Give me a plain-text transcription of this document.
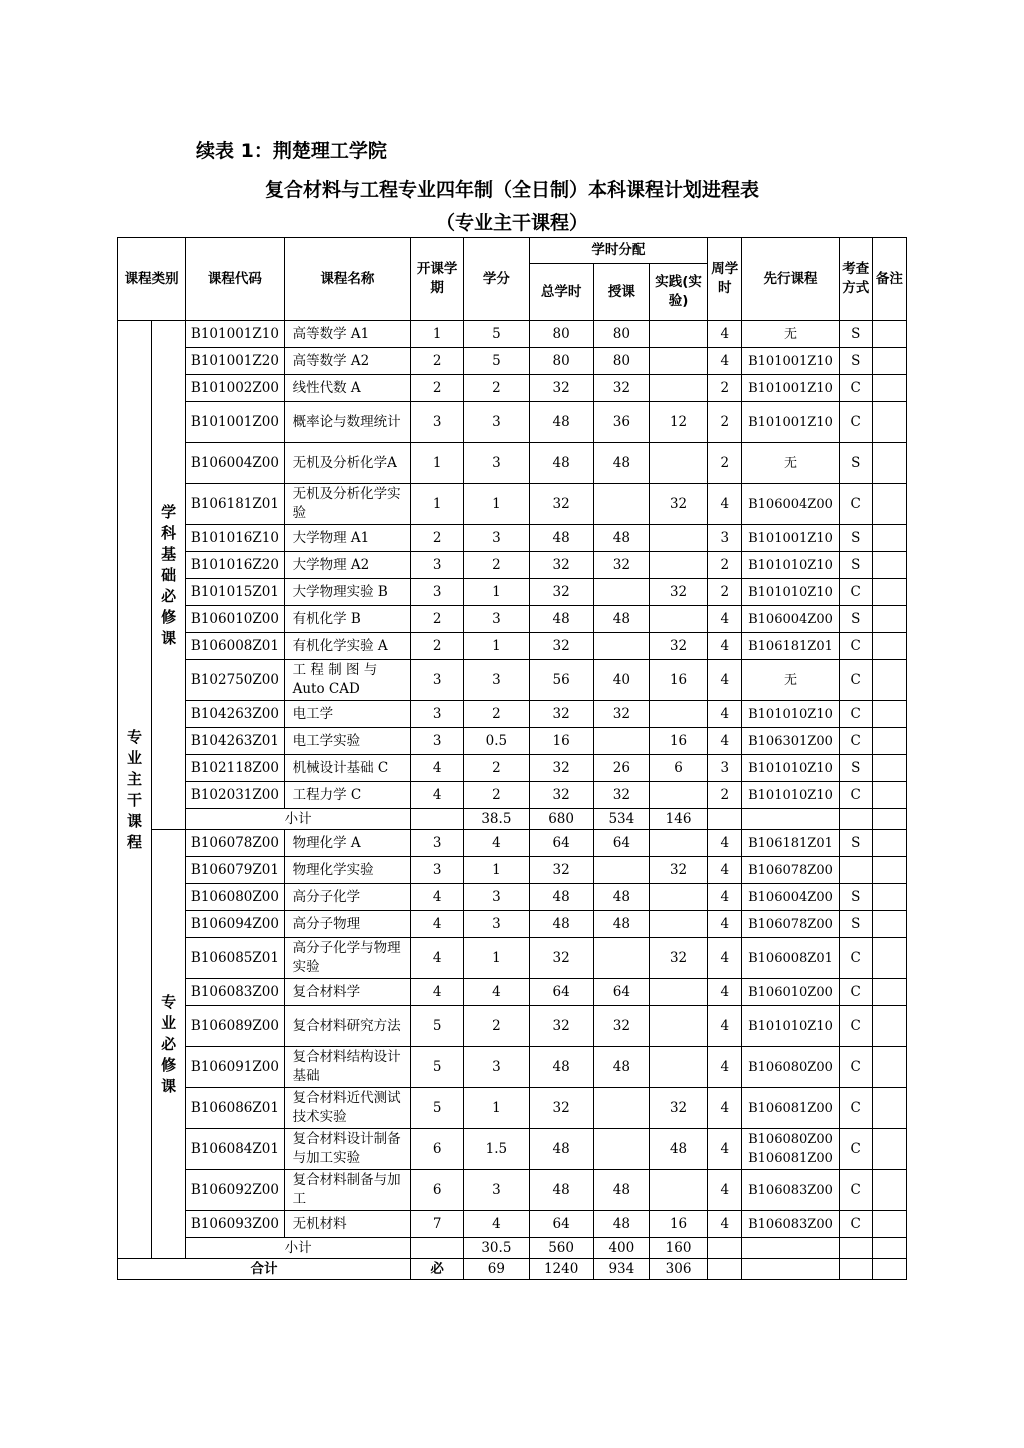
续表 1：荆楚理工学院
复合材料与工程专业四年制（全日制）本科课程计划进程表
（专业主干课程）
课程类别		课程代码	课程名称	开课学期	学分	学时分配			周学时	先行课程	考查方式	备注
						总学时	授课	实践(实验)				
专业主干课程	学科基础必修课	B101001Z10	高等数学 A1	1	5	80	80		4	无	S	
		B101001Z20	高等数学 A2	2	5	80	80		4	B101001Z10	S	
		B101002Z00	线性代数 A	2	2	32	32		2	B101001Z10	C	
		B101001Z00	概率论与数理统计	3	3	48	36	12	2	B101001Z10	C	
		B106004Z00	无机及分析化学A	1	3	48	48		2	无	S	
		B106181Z01	无机及分析化学实验	1	1	32		32	4	B106004Z00	C	
		B101016Z10	大学物理 A1	2	3	48	48		3	B101001Z10	S	
		B101016Z20	大学物理 A2	3	2	32	32		2	B101010Z10	S	
		B101015Z01	大学物理实验 B	3	1	32		32	2	B101010Z10	C	
		B106010Z00	有机化学 B	2	3	48	48		4	B106004Z00	S	
		B106008Z01	有机化学实验 A	2	1	32		32	4	B106181Z01	C	
		B102750Z00	工 程 制 图 与 Auto CAD	3	3	56	40	16	4	无	C	
		B104263Z00	电工学	3	2	32	32		4	B101010Z10	C	
		B104263Z01	电工学实验	3	0.5	16		16	4	B106301Z00	C	
		B102118Z00	机械设计基础 C	4	2	32	26	6	3	B101010Z10	S	
		B102031Z00	工程力学 C	4	2	32	32		2	B101010Z10	C	
		小计			38.5	680	534	146				
	专业必修课	B106078Z00	物理化学 A	3	4	64	64		4	B106181Z01	S	
		B106079Z01	物理化学实验	3	1	32		32	4	B106078Z00		
		B106080Z00	高分子化学	4	3	48	48		4	B106004Z00	S	
		B106094Z00	高分子物理	4	3	48	48		4	B106078Z00	S	
		B106085Z01	高分子化学与物理实验	4	1	32		32	4	B106008Z01	C	
		B106083Z00	复合材料学	4	4	64	64		4	B106010Z00	C	
		B106089Z00	复合材料研究方法	5	2	32	32		4	B101010Z10	C	
		B106091Z00	复合材料结构设计基础	5	3	48	48		4	B106080Z00	C	
		B106086Z01	复合材料近代测试技术实验	5	1	32		32	4	B106081Z00	C	
		B106084Z01	复合材料设计制备与加工实验	6	1.5	48		48	4	B106080Z00 B106081Z00	C	
		B106092Z00	复合材料制备与加工	6	3	48	48		4	B106083Z00	C	
		B106093Z00	无机材料	7	4	64	48	16	4	B106083Z00	C	
		小计			30.5	560	400	160				
合计				必	69	1240	934	306				
